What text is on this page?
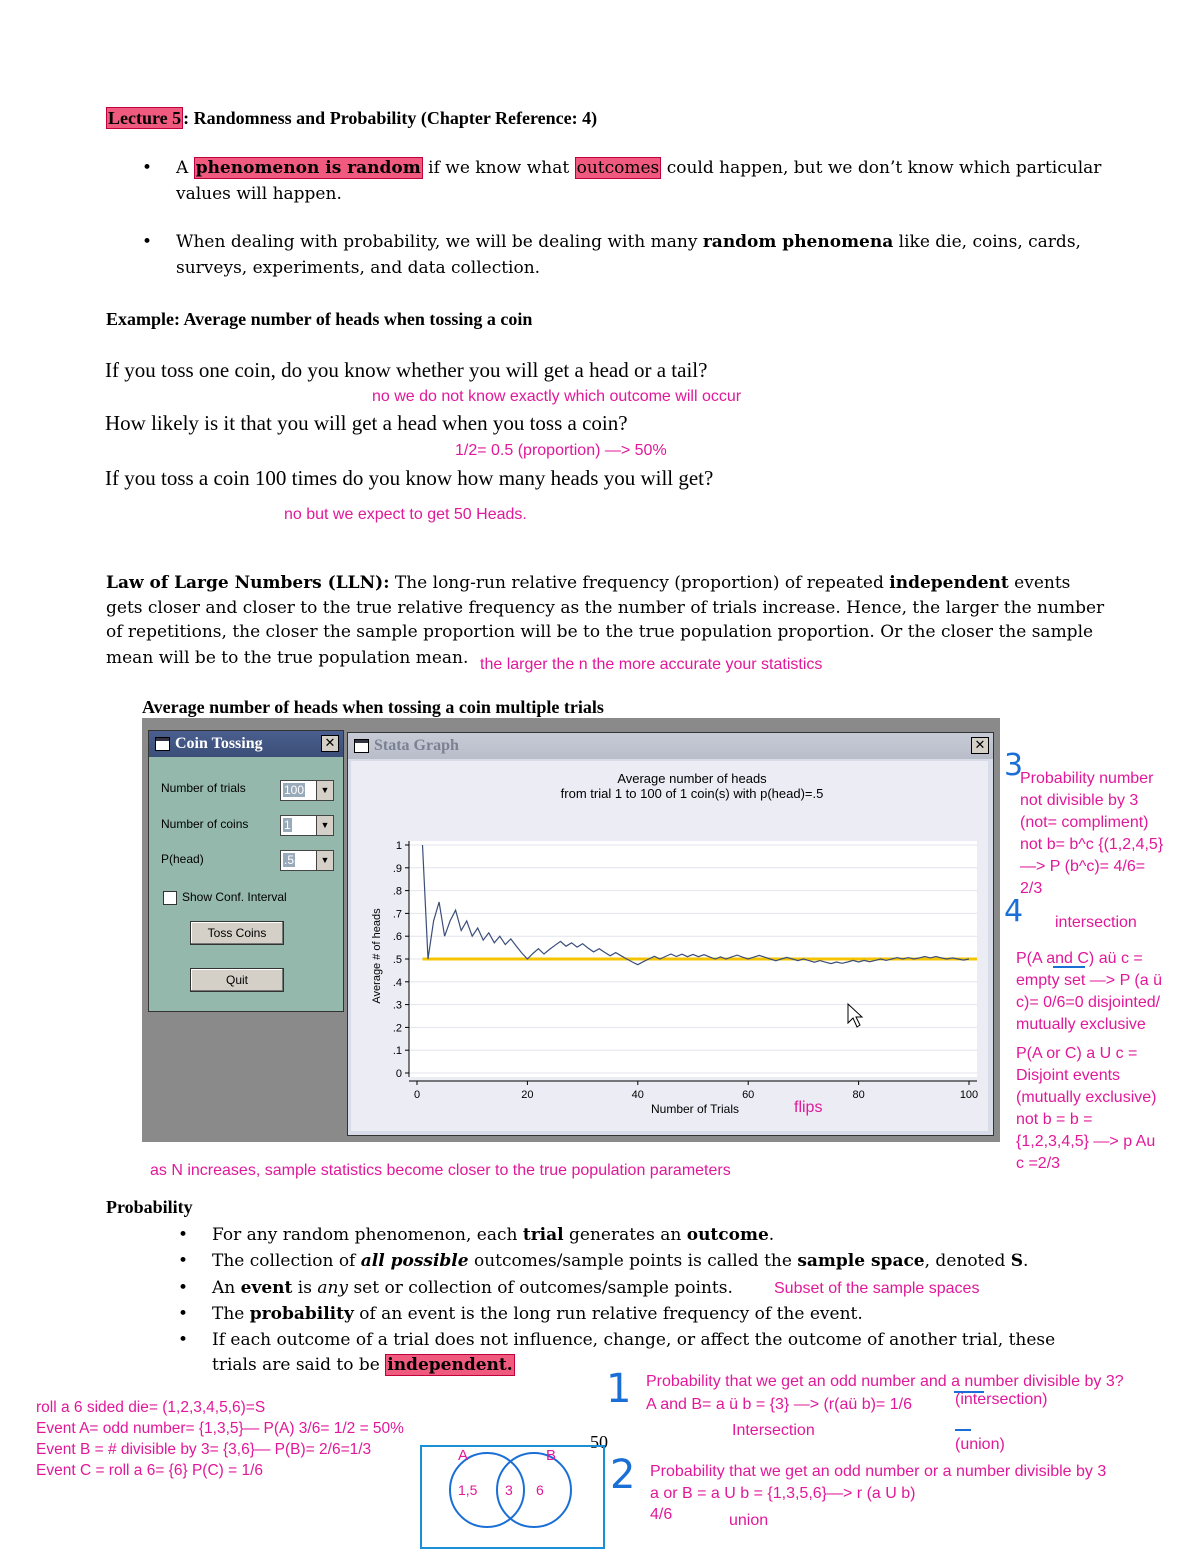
Lecture 5 : Randomness and Probability (Chapter Reference: 4)
• A phenomenon is random if we know what outcomes could happen, but we don’t know which particular
values will happen.
• When dealing with probability, we will be dealing with many random phenomena like die, coins, cards,
surveys, experiments, and data collection.
Example: Average number of heads when tossing a coin
If you toss one coin, do you know whether you will get a head or a tail?
no we do not know exactly which outcome will occur
How likely is it that you will get a head when you toss a coin?
1/2= 0.5 (proportion) —> 50%
If you toss a coin 100 times do you know how many heads you will get?
no but we expect to get 50 Heads.
Law of Large Numbers (LLN): The long-run relative frequency (proportion) of repeated independent events
gets closer and closer to the true relative frequency as the number of trials increase. Hence, the larger the number
of repetitions, the closer the sample proportion will be to the true population proportion. Or the closer the sample
mean will be to the true population mean. the larger the n the more accurate your statistics
Average number of heads when tossing a coin multiple trials
Coin Tossing	✕
Number of trials	100	▼
Number of coins	1	▼
P(head)	.5	▼
Show Conf. Interval
Toss Coins
Quit
Stata Graph	✕
Average number of heads
from trial 1 to 100 of 1 coin(s) with p(head)=.5
Average # of heads
Number of Trials
0
.1
.2
.3
.4
.5
.6
.7
.8
.9
1
0	20	40	60	80	100
3
Probability number
not divisible by 3
(not= compliment)
not b= b^c {(1,2,4,5}
—> P (b^c)= 4/6=
2/3
4 intersection
P(A and C) aü c =
empty set —> P (a ü
c)= 0/6=0 disjointed/
mutually exclusive
P(A or C) a U c =
Disjoint events
(mutually exclusive)
not b = b =
{1,2,3,4,5} —> p Au
c =2/3
flips
as N increases, sample statistics become closer to the true population parameters
Probability
• For any random phenomenon, each trial generates an outcome.
• The collection of all possible outcomes/sample points is called the sample space, denoted S.
• An event is any set or collection of outcomes/sample points.	Subset of the sample spaces
• The probability of an event is the long run relative frequency of the event.
• If each outcome of a trial does not influence, change, or affect the outcome of another trial, these
trials are said to be independent.
roll a 6 sided die= (1,2,3,4,5,6)=S
Event A= odd number= {1,3,5}— P(A) 3/6= 1/2 = 50%
Event B = # divisible by 3= {3,6}— P(B)= 2/6=1/3
Event C = roll a 6= {6} P(C) = 1/6
50
A	B
1,5 3 6
1 Probability that we get an odd number and a number divisible by 3?
A and B= a ü b = {3} —> (r(aü b)= 1/6	(intersection)
Intersection
(union)
2 Probability that we get an odd number or a number divisible by 3
a or B = a U b = {1,3,5,6}—> r (a U b)
4/6	union
